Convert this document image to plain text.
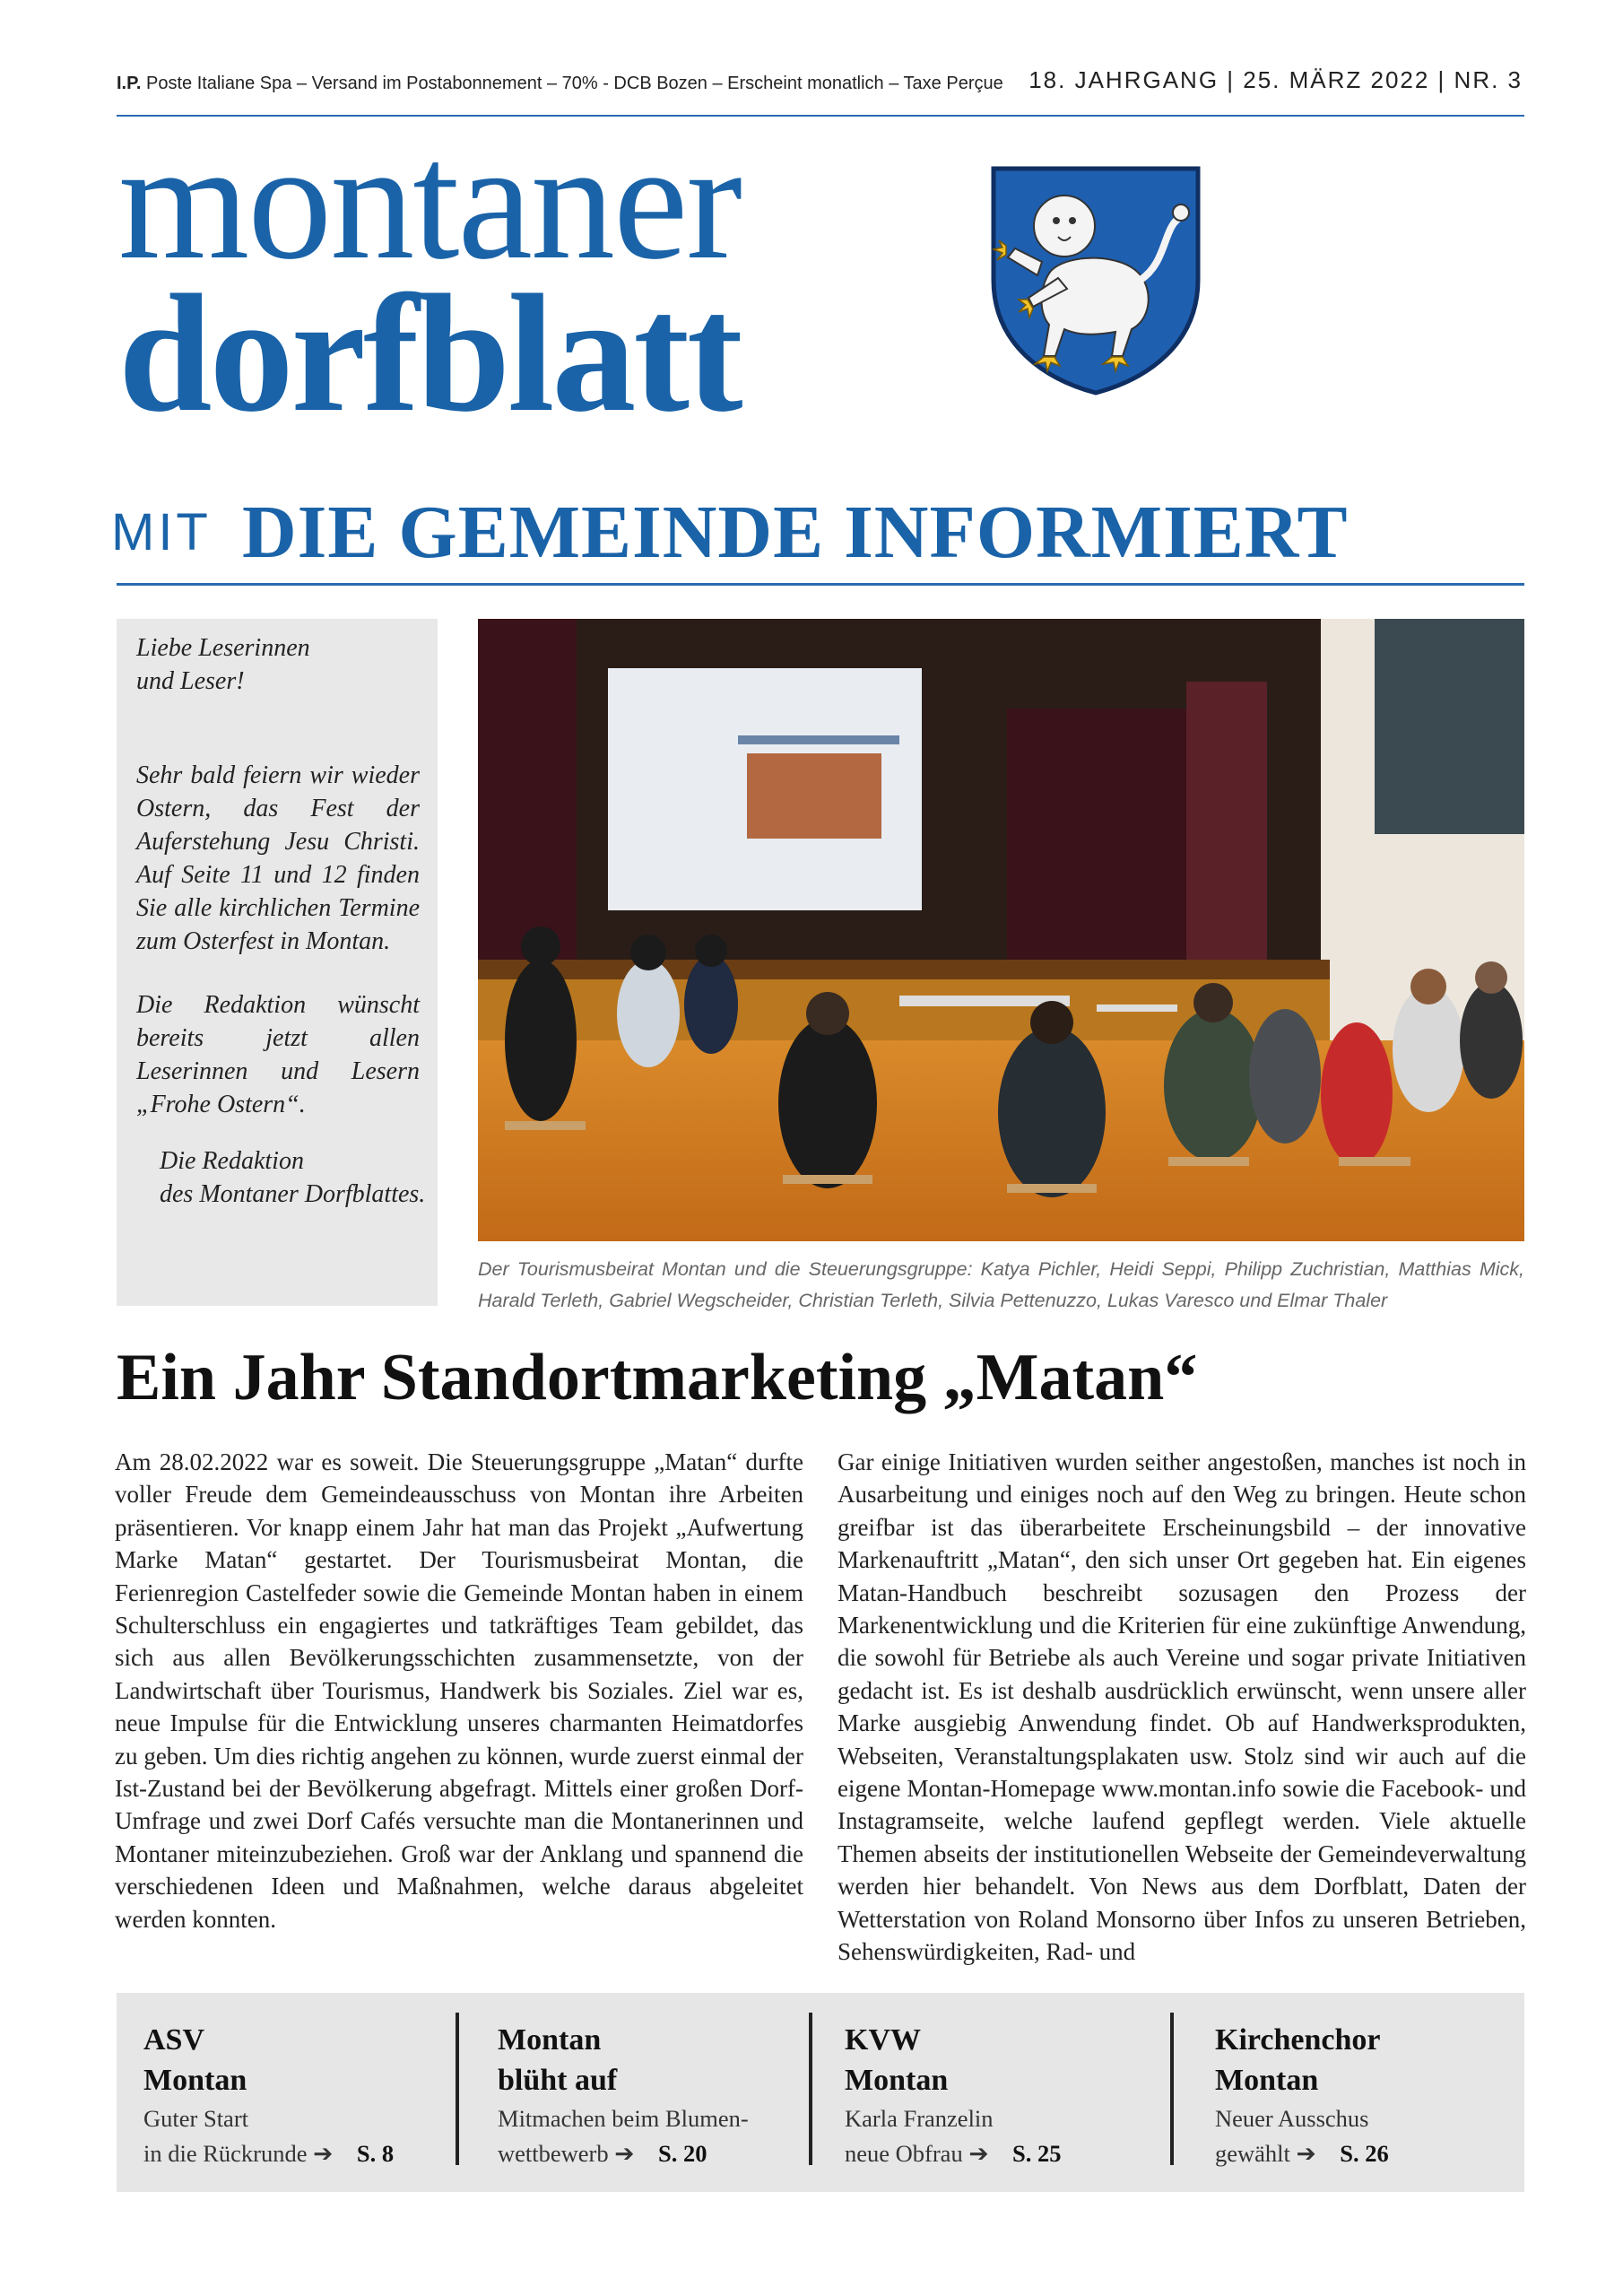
I.P. Poste Italiane Spa – Versand im Postabonnement – 70% - DCB Bozen – Erscheint monatlich – Taxe Perçue 18. JAHRGANG | 25. MÄRZ 2022 | NR. 3
montaner
dorfblatt
MIT DIE GEMEINDE INFORMIERT
Liebe Leserinnen
und Leser!
Sehr bald feiern wir wieder Ostern, das Fest der Auferstehung Jesu Christi. Auf Seite 11 und 12 finden Sie alle kirchlichen Termine zum Osterfest in Montan.
Die Redaktion wünscht bereits jetzt allen Leserinnen und Lesern „Frohe Ostern“.
Die Redaktion
des Montaner Dorfblattes.
Der Tourismusbeirat Montan und die Steuerungsgruppe: Katya Pichler, Heidi Seppi, Philipp Zuchristian, Matthias Mick, Harald Terleth, Gabriel Wegscheider, Christian Terleth, Silvia Pettenuzzo, Lukas Varesco und Elmar Thaler
Ein Jahr Standortmarketing „Matan“
Am 28.02.2022 war es soweit. Die Steuerungsgruppe „Matan“ durfte voller Freude dem Gemeindeausschuss von Montan ihre Arbeiten präsentieren. Vor knapp einem Jahr hat man das Projekt „Aufwertung Marke Matan“ gestartet. Der Tourismusbeirat Montan, die Ferienregion Castelfeder sowie die Gemeinde Montan haben in einem Schulterschluss ein engagiertes und tatkräftiges Team gebildet, das sich aus allen Bevölkerungsschichten zusammensetzte, von der Landwirtschaft über Tourismus, Handwerk bis Soziales. Ziel war es, neue Impulse für die Entwicklung unseres charmanten Heimatdorfes zu geben. Um dies richtig angehen zu können, wurde zuerst einmal der Ist-Zustand bei der Bevölkerung abgefragt. Mittels einer großen Dorf-Umfrage und zwei Dorf Cafés versuchte man die Montanerinnen und Montaner miteinzubeziehen. Groß war der Anklang und spannend die verschiedenen Ideen und Maßnahmen, welche daraus abgeleitet werden konnten.
Gar einige Initiativen wurden seither angestoßen, manches ist noch in Ausarbeitung und einiges noch auf den Weg zu bringen. Heute schon greifbar ist das überarbeitete Erscheinungsbild – der innovative Markenauftritt „Matan“, den sich unser Ort gegeben hat. Ein eigenes Matan-Handbuch beschreibt sozusagen den Prozess der Markenentwicklung und die Kriterien für eine zukünftige Anwendung, die sowohl für Betriebe als auch Vereine und sogar private Initiativen gedacht ist. Es ist deshalb ausdrücklich erwünscht, wenn unsere aller Marke ausgiebig Anwendung findet. Ob auf Handwerksprodukten, Webseiten, Veranstaltungsplakaten usw. Stolz sind wir auch auf die eigene Montan-Homepage www.montan.info sowie die Facebook- und Instagramseite, welche laufend gepflegt werden. Viele aktuelle Themen abseits der institutionellen Webseite der Gemeindeverwaltung werden hier behandelt. Von News aus dem Dorfblatt, Daten der Wetterstation von Roland Monsorno über Infos zu unseren Betrieben, Sehenswürdigkeiten, Rad- und
ASV
Montan
Guter Start
in die Rückrunde ➔ S. 8
Montan
blüht auf
Mitmachen beim Blumen-
wettbewerb ➔ S. 20
KVW
Montan
Karla Franzelin
neue Obfrau ➔ S. 25
Kirchenchor
Montan
Neuer Ausschus
gewählt ➔ S. 26
